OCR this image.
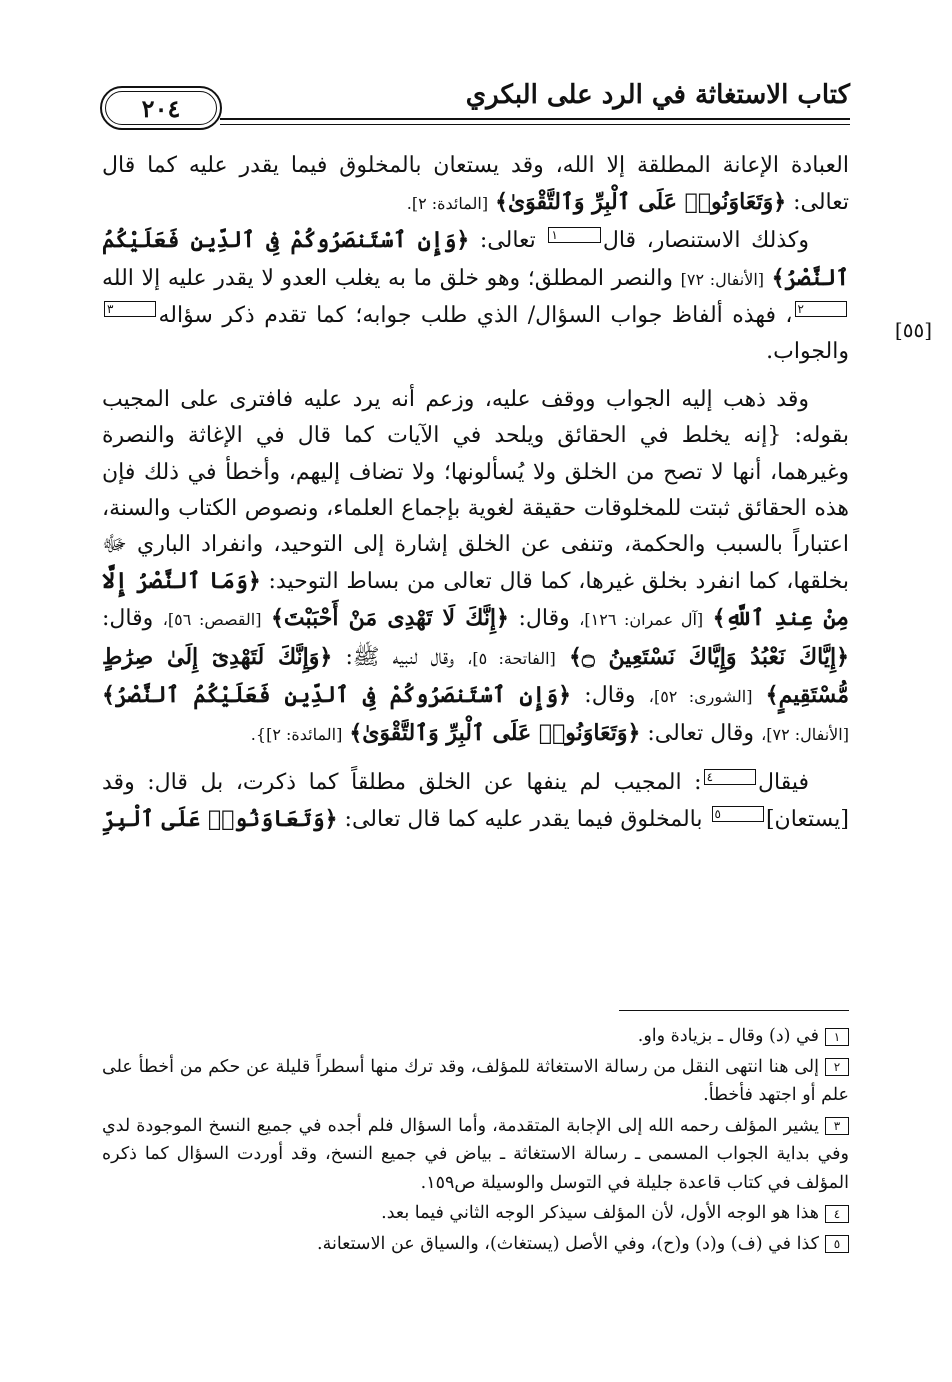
٢٠٤	كتاب الاستغاثة في الرد على البكري
[٥٥]

العبادة الإعانة المطلقة إلا الله، وقد يستعان بالمخلوق فيما يقدر عليه كما قال تعالى: ﴿وَتَعَاوَنُوا۟ عَلَى ٱلْبِرِّ وَٱلتَّقْوَىٰ﴾ [المائدة: ٢].

وكذلك الاستنصار، قال١ تعالى: ﴿وَإِنِ ٱسْتَنصَرُوكُمْ فِى ٱلدِّينِ فَعَلَيْكُمُ ٱلنَّصْرُ﴾ [الأنفال: ٧٢] والنصر المطلق؛ وهو خلق ما به يغلب العدو لا يقدر عليه إلا الله٢، فهذه ألفاظ جواب السؤال/ الذي طلب جوابه؛ كما تقدم ذكر سؤاله٣ والجواب.

وقد ذهب إليه الجواب ووقف عليه، وزعم أنه يرد عليه فافترى على المجيب بقوله: {إنه يخلط في الحقائق ويلحد في الآيات كما قال في الإغاثة والنصرة وغيرهما، أنها لا تصح من الخلق ولا يُسألونها؛ ولا تضاف إليهم، وأخطأ في ذلك فإن هذه الحقائق ثبتت للمخلوقات حقيقة لغوية بإجماع العلماء، ونصوص الكتاب والسنة، اعتباراً بالسبب والحكمة، وتنفى عن الخلق إشارة إلى التوحيد، وانفراد الباري ﷻ بخلقها، كما انفرد بخلق غيرها، كما قال تعالى من بساط التوحيد: ﴿وَمَا ٱلنَّصْرُ إِلَّا مِنْ عِندِ ٱللَّهِ﴾ [آل عمران: ١٢٦]، وقال: ﴿إِنَّكَ لَا تَهْدِى مَنْ أَحْبَبْتَ﴾ [القصص: ٥٦]، وقال: ﴿إِيَّاكَ نَعْبُدُ وَإِيَّاكَ نَسْتَعِينُ ۝﴾ [الفاتحة: ٥]، وقال لنبيه ﷺ: ﴿وَإِنَّكَ لَتَهْدِىٓ إِلَىٰ صِرَٰطٍ مُّسْتَقِيمٍ﴾ [الشورى: ٥٢]، وقال: ﴿وَإِنِ ٱسْتَنصَرُوكُمْ فِى ٱلدِّينِ فَعَلَيْكُمُ ٱلنَّصْرُ﴾ [الأنفال: ٧٢]، وقال تعالى: ﴿وَتَعَاوَنُوا۟ عَلَى ٱلْبِرِّ وَٱلتَّقْوَىٰ﴾ [المائدة: ٢]}.

فيقال٤: المجيب لم ينفها عن الخلق مطلقاً كما ذكرت، بل قال: وقد [يستعان]٥ بالمخلوق فيما يقدر عليه كما قال تعالى: ﴿وَتَعَاوَنُوا۟ عَلَى ٱلْبِرِّ

١في (د) وقال ـ بزيادة واو.

٢إلى هنا انتهى النقل من رسالة الاستغاثة للمؤلف، وقد ترك منها أسطراً قليلة عن حكم من أخطأ على علم أو اجتهد فأخطأ.

٣يشير المؤلف رحمه الله إلى الإجابة المتقدمة، وأما السؤال فلم أجده في جميع النسخ الموجودة لدي وفي بداية الجواب المسمى ـ رسالة الاستغاثة ـ بياض في جميع النسخ، وقد أوردت السؤال كما ذكره المؤلف في كتاب قاعدة جليلة في التوسل والوسيلة ص١٥٩.

٤هذا هو الوجه الأول، لأن المؤلف سيذكر الوجه الثاني فيما بعد.

٥كذا في (ف) و(د) و(ح)، وفي الأصل (يستغاث)، والسياق عن الاستعانة.
